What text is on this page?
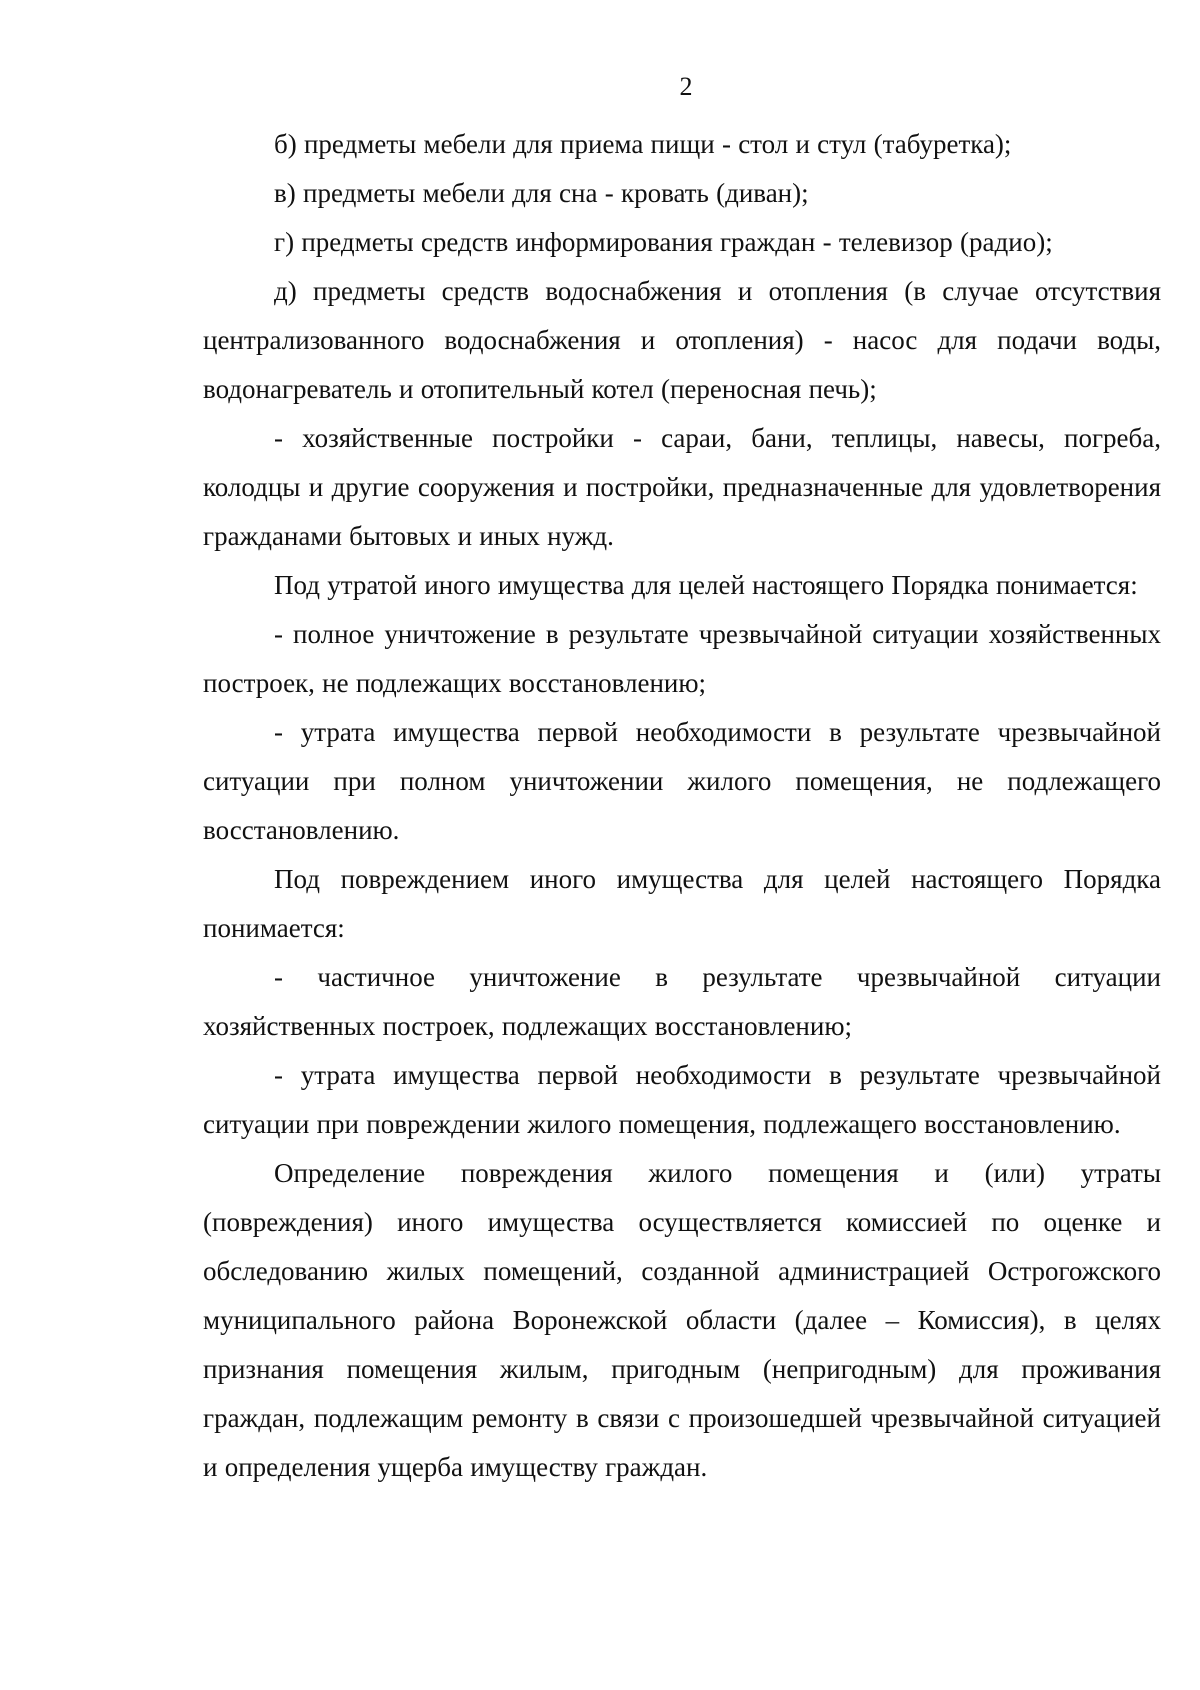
2

б) предметы мебели для приема пищи - стол и стул (табуретка);

в) предметы мебели для сна - кровать (диван);

г) предметы средств информирования граждан - телевизор (радио);

д) предметы средств водоснабжения и отопления (в случае отсутствия централизованного водоснабжения и отопления) - насос для подачи воды, водонагреватель и отопительный котел (переносная печь);

- хозяйственные постройки - сараи, бани, теплицы, навесы, погреба, колодцы и другие сооружения и постройки, предназначенные для удовлетворения гражданами бытовых и иных нужд.

Под утратой иного имущества для целей настоящего Порядка понимается:

- полное уничтожение в результате чрезвычайной ситуации хозяйственных построек, не подлежащих восстановлению;

- утрата имущества первой необходимости в результате чрезвычайной ситуации при полном уничтожении жилого помещения, не подлежащего восстановлению.

Под повреждением иного имущества для целей настоящего Порядка понимается:

- частичное уничтожение в результате чрезвычайной ситуации хозяйственных построек, подлежащих восстановлению;

- утрата имущества первой необходимости в результате чрезвычайной ситуации при повреждении жилого помещения, подлежащего восстановлению.

Определение повреждения жилого помещения и (или) утраты (повреждения) иного имущества осуществляется комиссией по оценке и обследованию жилых помещений, созданной администрацией Острогожского муниципального района Воронежской области (далее – Комиссия), в целях признания помещения жилым, пригодным (непригодным) для проживания граждан, подлежащим ремонту в связи с произошедшей чрезвычайной ситуацией и определения ущерба имуществу граждан.
